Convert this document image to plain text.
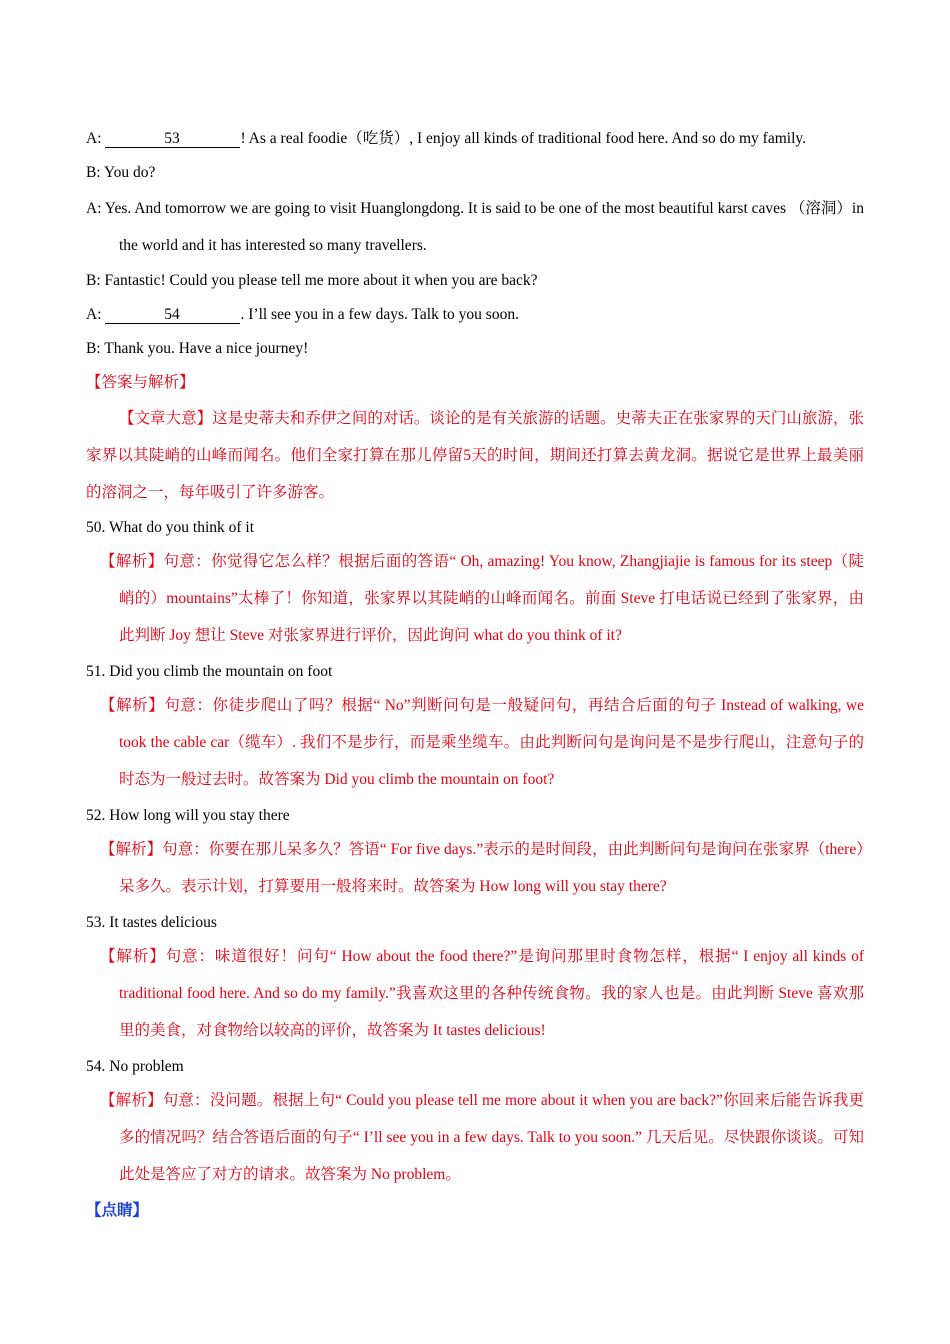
A:	53	! As a real foodie（吃货）, I enjoy all kinds of traditional food here. And so do my family.
B: You do?
A: Yes. And tomorrow we are going to visit Huanglongdong. It is said to be one of the most beautiful karst caves （溶洞）in the world and it has interested so many travellers.
B: Fantastic! Could you please tell me more about it when you are back?
A:	54	. I’ll see you in a few days. Talk to you soon.
B: Thank you. Have a nice journey!
【答案与解析】
【文章大意】这是史蒂夫和乔伊之间的对话。谈论的是有关旅游的话题。史蒂夫正在张家界的天门山旅游，张家界以其陡峭的山峰而闻名。他们全家打算在那儿停留5天的时间，期间还打算去黄龙洞。据说它是世界上最美丽的溶洞之一，每年吸引了许多游客。
50. What do you think of it
【解析】句意：你觉得它怎么样？根据后面的答语“ Oh, amazing! You know, Zhangjiajie is famous for its steep（陡峭的）mountains”太棒了！你知道，张家界以其陡峭的山峰而闻名。前面 Steve 打电话说已经到了张家界，由此判断 Joy 想让 Steve 对张家界进行评价，因此询问 what do you think of it?
51. Did you climb the mountain on foot
【解析】句意：你徒步爬山了吗？根据“ No”判断问句是一般疑问句，再结合后面的句子 Instead of walking, we took the cable car（缆车）. 我们不是步行，而是乘坐缆车。由此判断问句是询问是不是步行爬山，注意句子的时态为一般过去时。故答案为 Did you climb the mountain on foot?
52. How long will you stay there
【解析】句意：你要在那儿呆多久？答语“ For five days.”表示的是时间段，由此判断问句是询问在张家界（there）呆多久。表示计划，打算要用一般将来时。故答案为 How long will you stay there?
53. It tastes delicious
【解析】句意：味道很好！问句“ How about the food there?”是询问那里时食物怎样，根据“ I enjoy all kinds of traditional food here. And so do my family.”我喜欢这里的各种传统食物。我的家人也是。由此判断 Steve 喜欢那里的美食，对食物给以较高的评价，故答案为 It tastes delicious!
54. No problem
【解析】句意：没问题。根据上句“ Could you please tell me more about it when you are back?”你回来后能告诉我更多的情况吗？结合答语后面的句子“ I’ll see you in a few days. Talk to you soon.” 几天后见。尽快跟你谈谈。可知此处是答应了对方的请求。故答案为 No problem。
【点睛】
